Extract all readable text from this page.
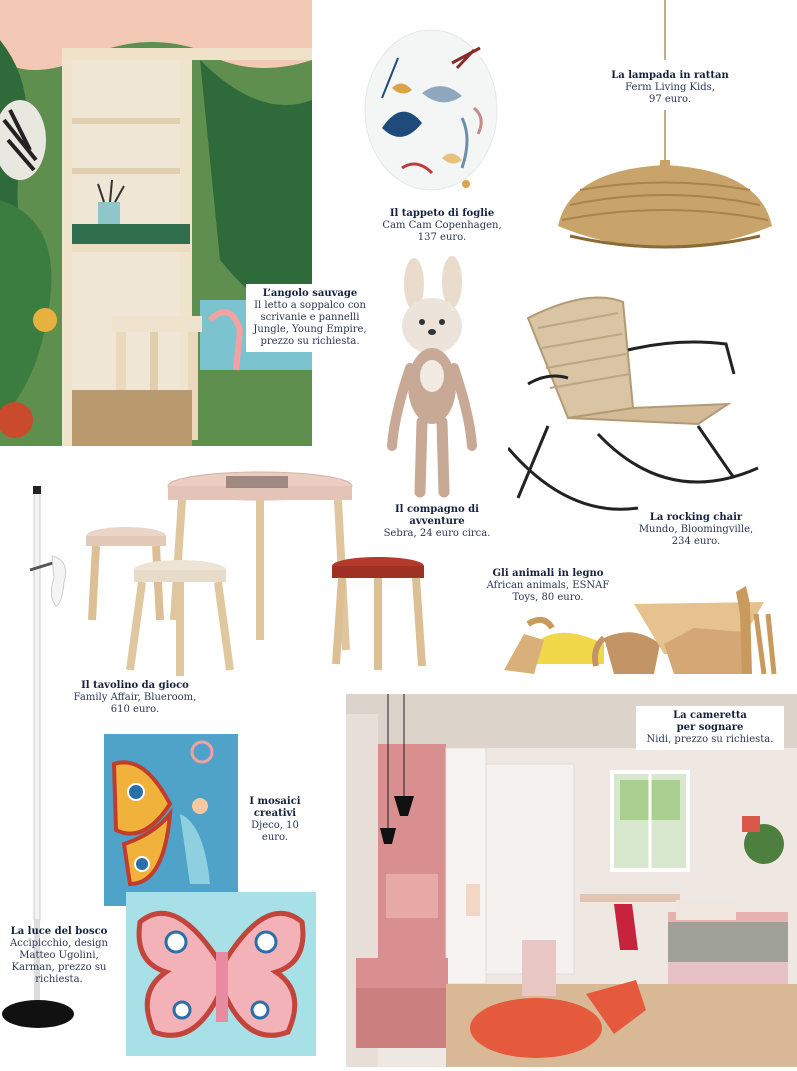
L’angolo sauvage
Il letto a soppalco con
scrivanie e pannelli
Jungle, Young Empire,
prezzo su richiesta.
Il tappeto di foglie
Cam Cam Copenhagen,
137 euro.
La lampada in rattan
Ferm Living Kids,
97 euro.
Il compagno di
avventure
Sebra, 24 euro circa.
La rocking chair
Mundo, Bloomingville,
234 euro.
Il tavolino da gioco
Family Affair, Blueroom,
610 euro.
Gli animali in legno
African animals, ESNAF
Toys, 80 euro.
I mosaici
creativi
Djeco, 10 euro.
La luce del bosco
Accipicchio, design
Matteo Ugolini,
Karman, prezzo su
richiesta.
La cameretta
per sognare
Nidi, prezzo su richiesta.
